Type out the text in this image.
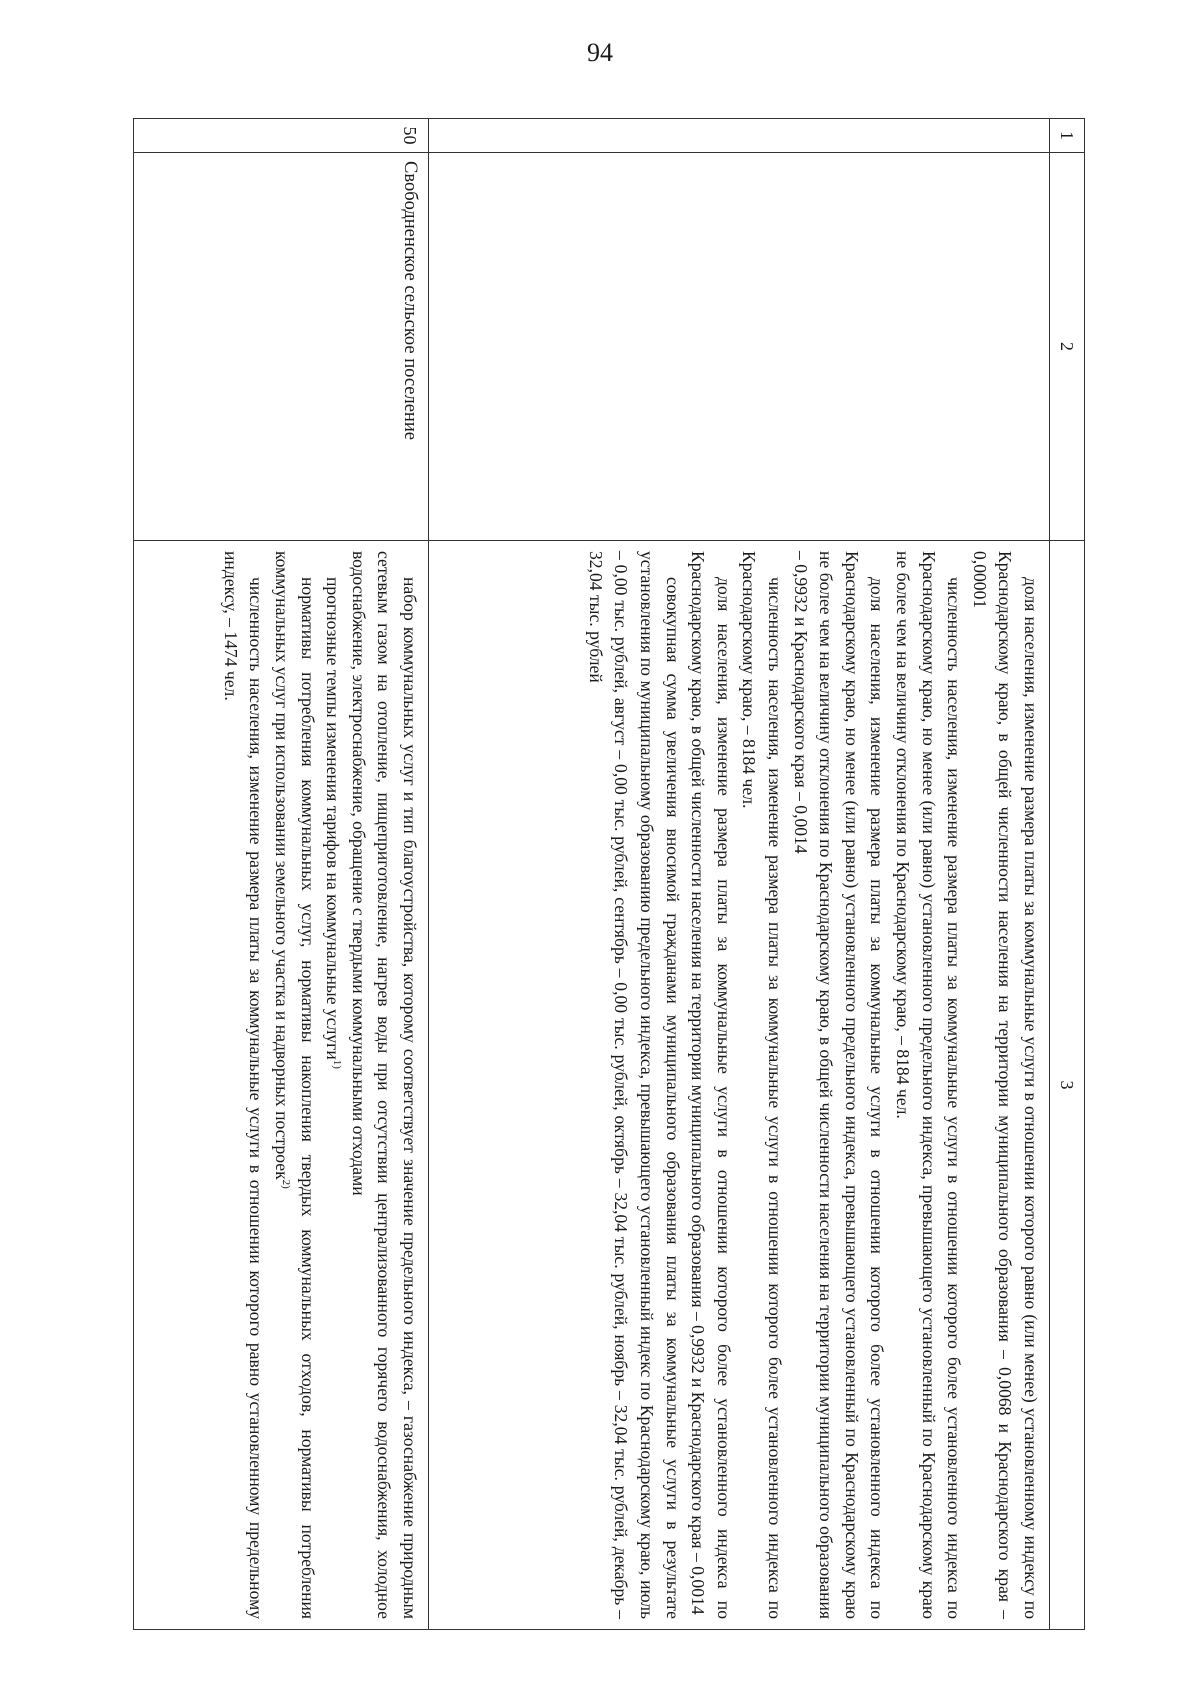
94
1
2
3

доля населения, изменение размера платы за коммунальные услуги в отношении которого равно (или менее) установленному индексу по Краснодарскому краю, в общей численности населения на территории муниципального образования – 0,0068 и Краснодарского края – 0,00001

численность населения, изменение размера платы за коммунальные услуги в отношении которого более установленного индекса по Краснодарскому краю, но менее (или равно) установленного предельного индекса, превышающего установленный по Краснодарскому краю не более чем на величину отклонения по Краснодарскому краю, – 8184 чел.

доля населения, изменение размера платы за коммунальные услуги в отношении которого более установленного индекса по Краснодарскому краю, но менее (или равно) установленного предельного индекса, превышающего установленный по Краснодарскому краю не более чем на величину отклонения по Краснодарскому краю, в общей численности населения на территории муниципального образования – 0,9932 и Краснодарского края – 0,0014

численность населения, изменение размера платы за коммунальные услуги в отношении которого более установленного индекса по Краснодарскому краю, – 8184 чел.

доля населения, изменение размера платы за коммунальные услуги в отношении которого более установленного индекса по Краснодарскому краю, в общей численности населения на территории муниципального образования – 0,9932 и Краснодарского края – 0,0014

совокупная сумма увеличения вносимой гражданами муниципального образования платы за коммунальные услуги в результате установления по муниципальному образованию предельного индекса, превышающего установленный индекс по Краснодарскому краю, июль – 0,00 тыс. рублей, август – 0,00 тыс. рублей, сентябрь – 0,00 тыс. рублей, октябрь – 32,04 тыс. рублей, ноябрь – 32,04 тыс. рублей, декабрь – 32,04 тыс. рублей

50
Свободненское сельское поселение

набор коммунальных услуг и тип благоустройства, которому соответствует значение предельного индекса, – газоснабжение природным сетевым газом на отопление, пищеприготовление, нагрев воды при отсутствии централизованного горячего водоснабжения, холодное водоснабжение, электроснабжение, обращение с твердыми коммунальными отходами

прогнозные темпы изменения тарифов на коммунальные услуги$^{1)}$

нормативы потребления коммунальных услуг, нормативы накопления твердых коммунальных отходов, нормативы потребления коммунальных услуг при использовании земельного участка и надворных построек$^{2)}$

численность населения, изменение размера платы за коммунальные услуги в отношении которого равно установленному предельному индексу, – 1474 чел.
